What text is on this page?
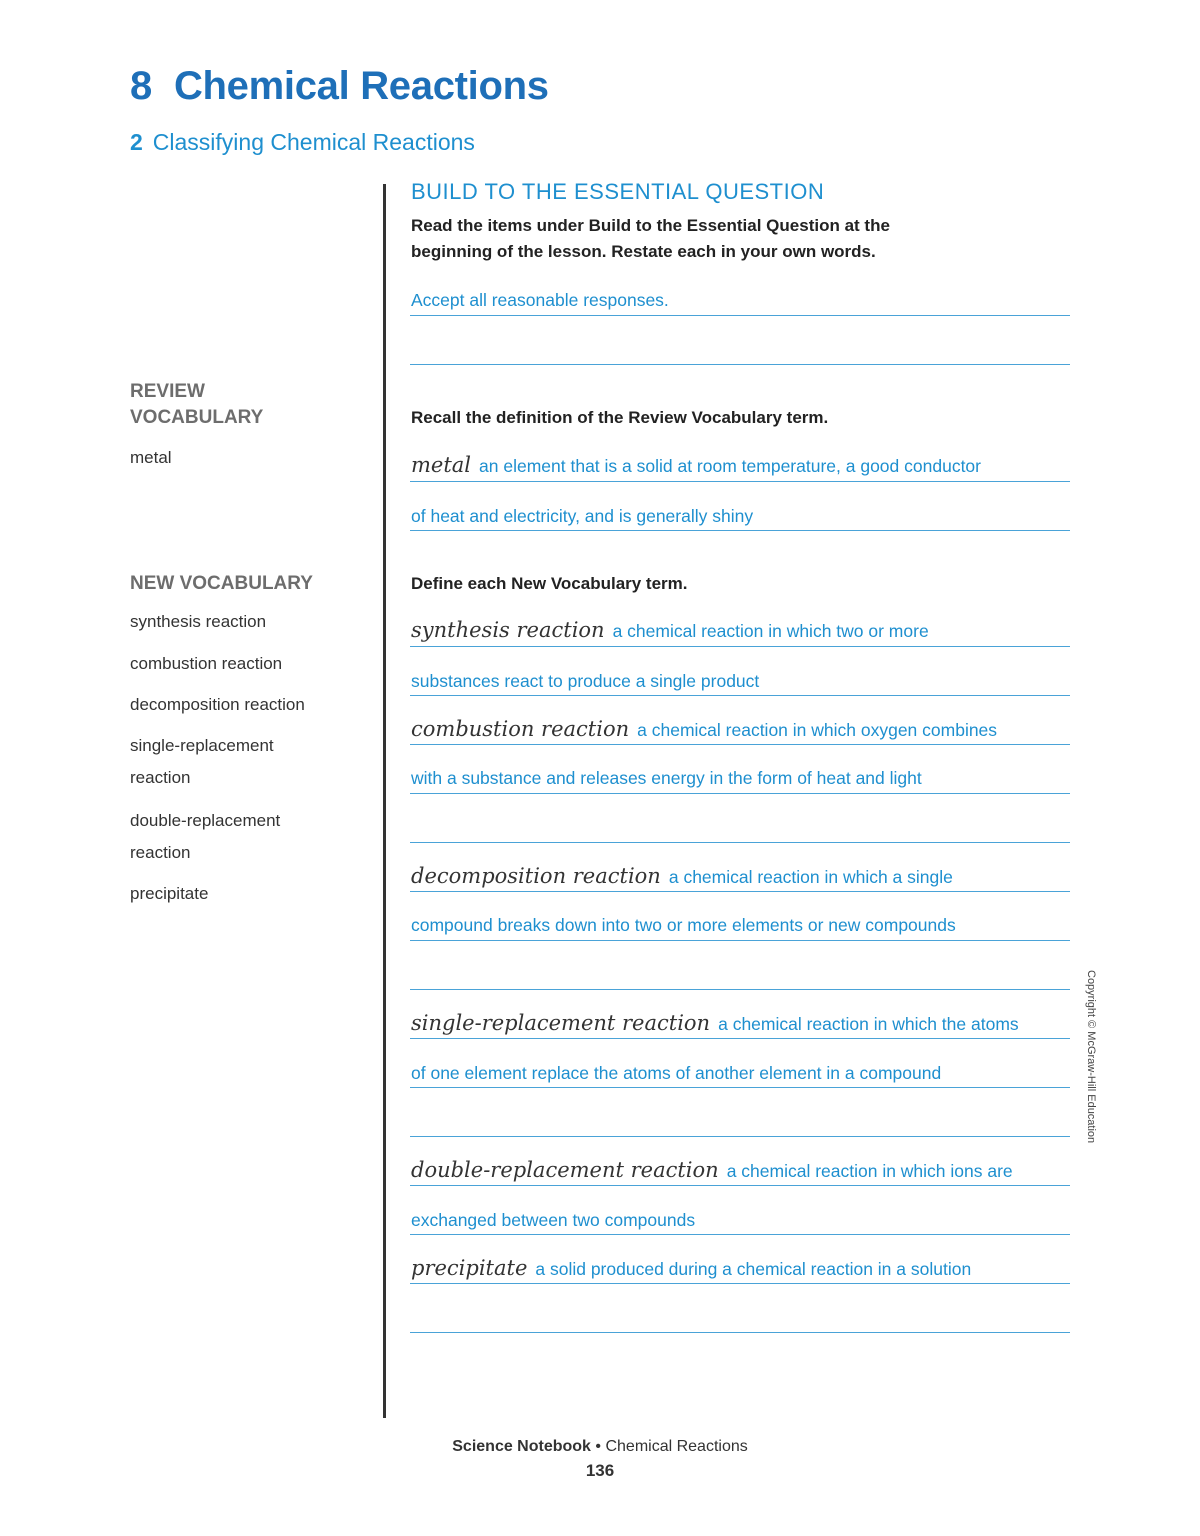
8 Chemical Reactions
2 Classifying Chemical Reactions
REVIEW
VOCABULARY
metal
NEW VOCABULARY
synthesis reaction
combustion reaction
decomposition reaction
single-replacement
reaction
double-replacement
reaction
precipitate
BUILD TO THE ESSENTIAL QUESTION
Read the items under Build to the Essential Question at the
beginning of the lesson. Restate each in your own words.
Accept all reasonable responses.
Recall the definition of the Review Vocabulary term.
metal an element that is a solid at room temperature, a good conductor
of heat and electricity, and is generally shiny
Define each New Vocabulary term.
synthesis reaction a chemical reaction in which two or more
substances react to produce a single product
combustion reaction a chemical reaction in which oxygen combines
with a substance and releases energy in the form of heat and light
decomposition reaction a chemical reaction in which a single
compound breaks down into two or more elements or new compounds
single-replacement reaction a chemical reaction in which the atoms
of one element replace the atoms of another element in a compound
double-replacement reaction a chemical reaction in which ions are
exchanged between two compounds
precipitate a solid produced during a chemical reaction in a solution
Copyright © McGraw-Hill Education
Science Notebook • Chemical Reactions
136
